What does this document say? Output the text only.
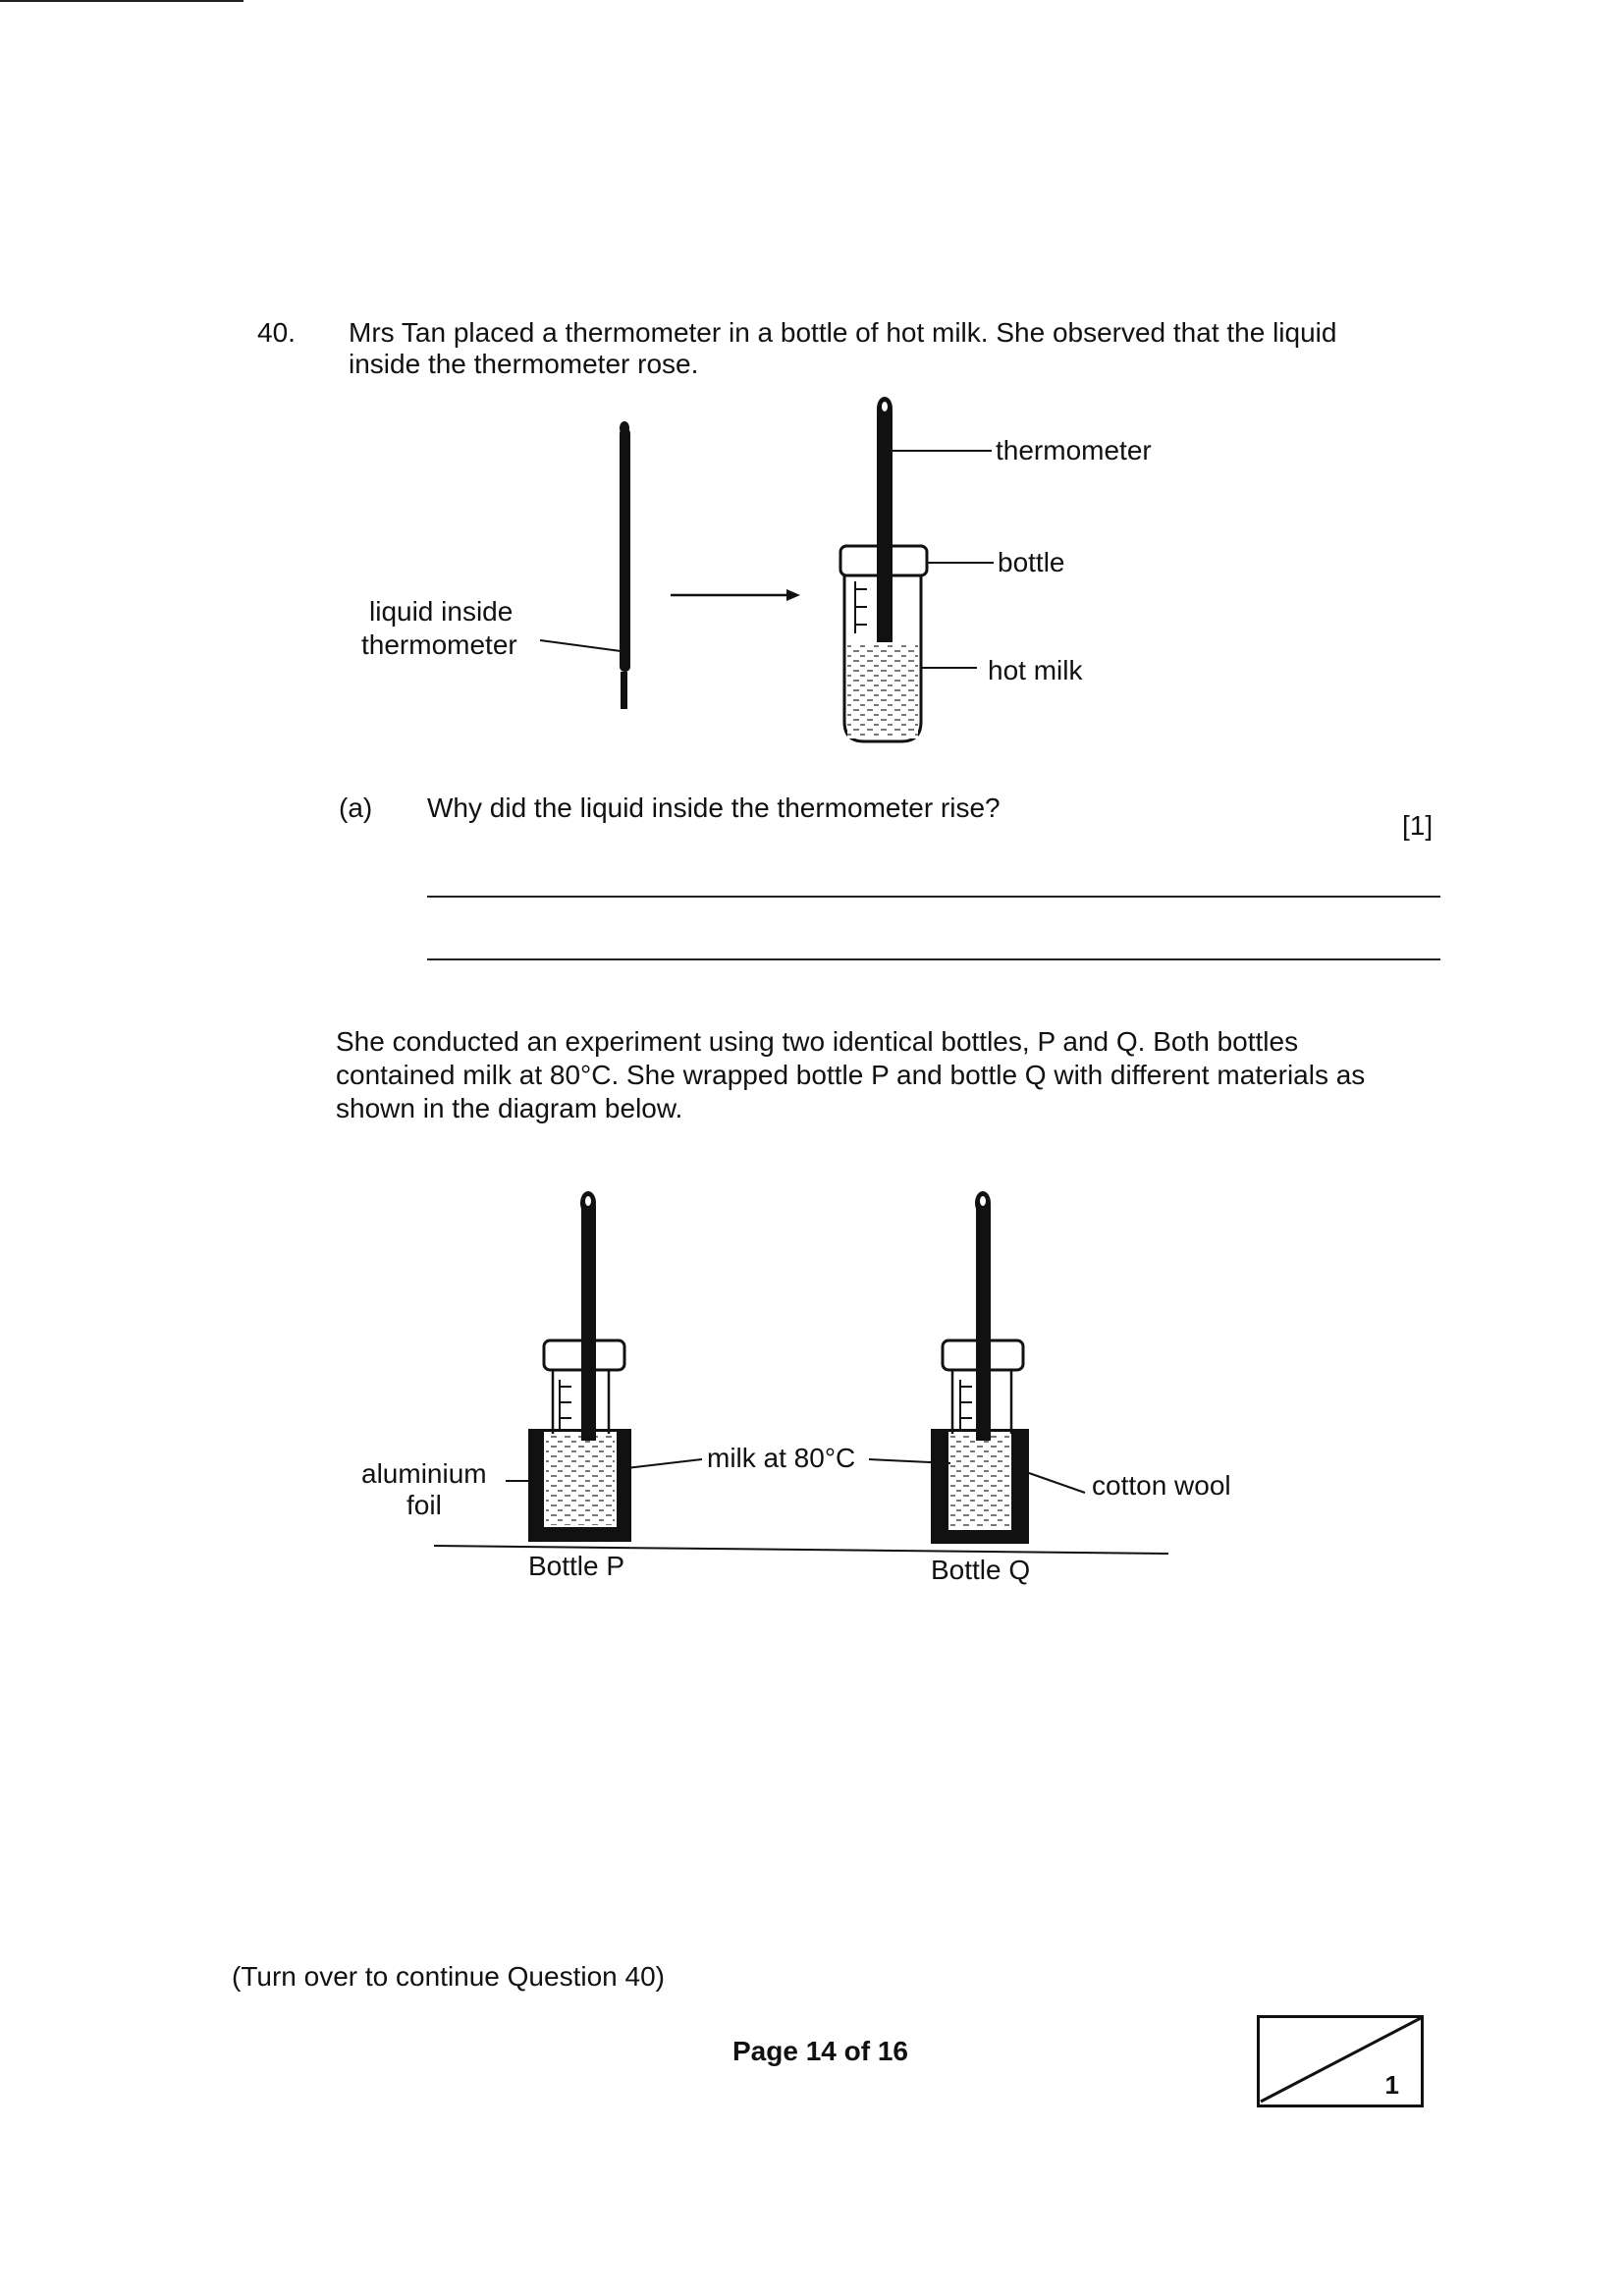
40. Mrs Tan placed a thermometer in a bottle of hot milk. She observed that the liquid
inside the thermometer rose.
liquid inside
thermometer
thermometer
bottle
hot milk
(a) Why did the liquid inside the thermometer rise?
[1]
She conducted an experiment using two identical bottles, P and Q. Both bottles
contained milk at 80°C. She wrapped bottle P and bottle Q with different materials as
shown in the diagram below.
aluminium
foil
milk at 80°C
cotton wool
Bottle P	Bottle Q
(Turn over to continue Question 40)
Page 14 of 16
1
